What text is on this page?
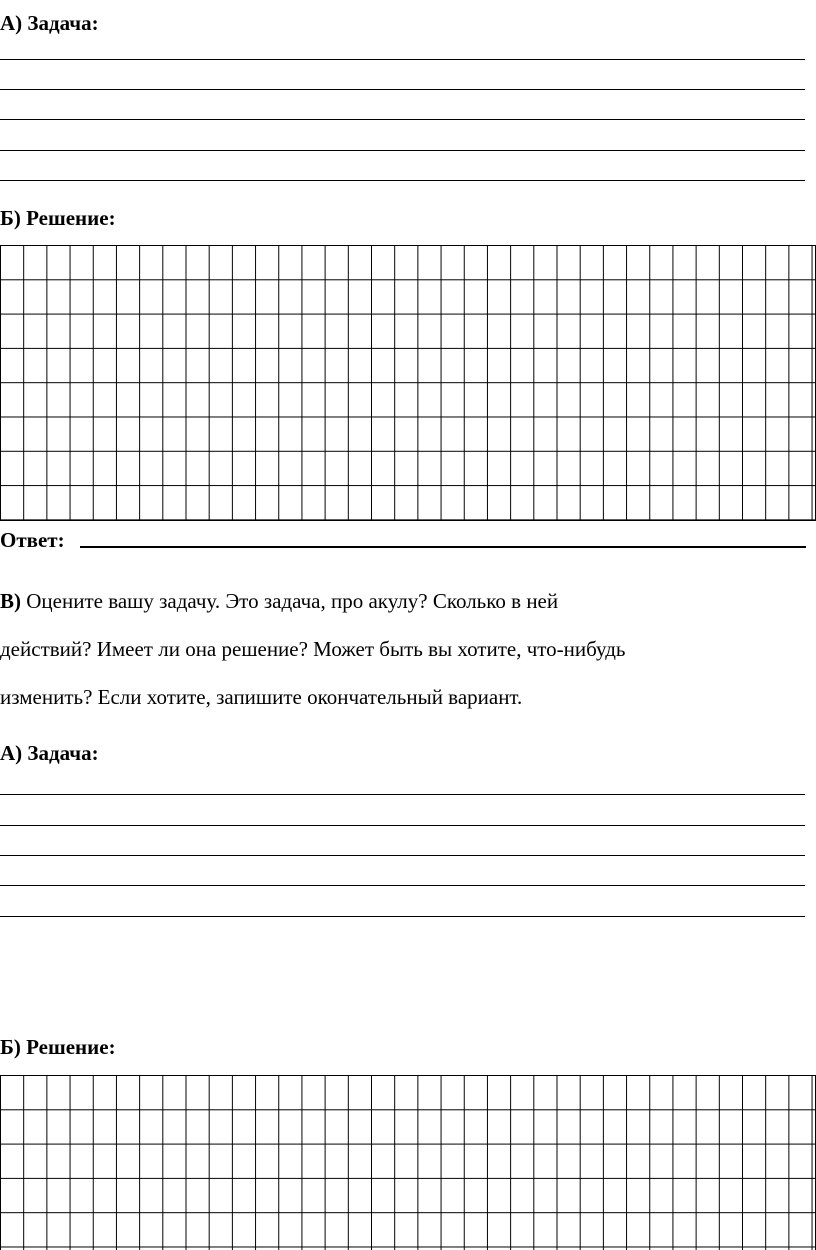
А) Задача:
Б) Решение:
Ответ:
В) Оцените вашу задачу. Это задача, про акулу? Сколько в ней
действий? Имеет ли она решение? Может быть вы хотите, что-нибудь
изменить? Если хотите, запишите окончательный вариант.
А) Задача:
Б) Решение:
